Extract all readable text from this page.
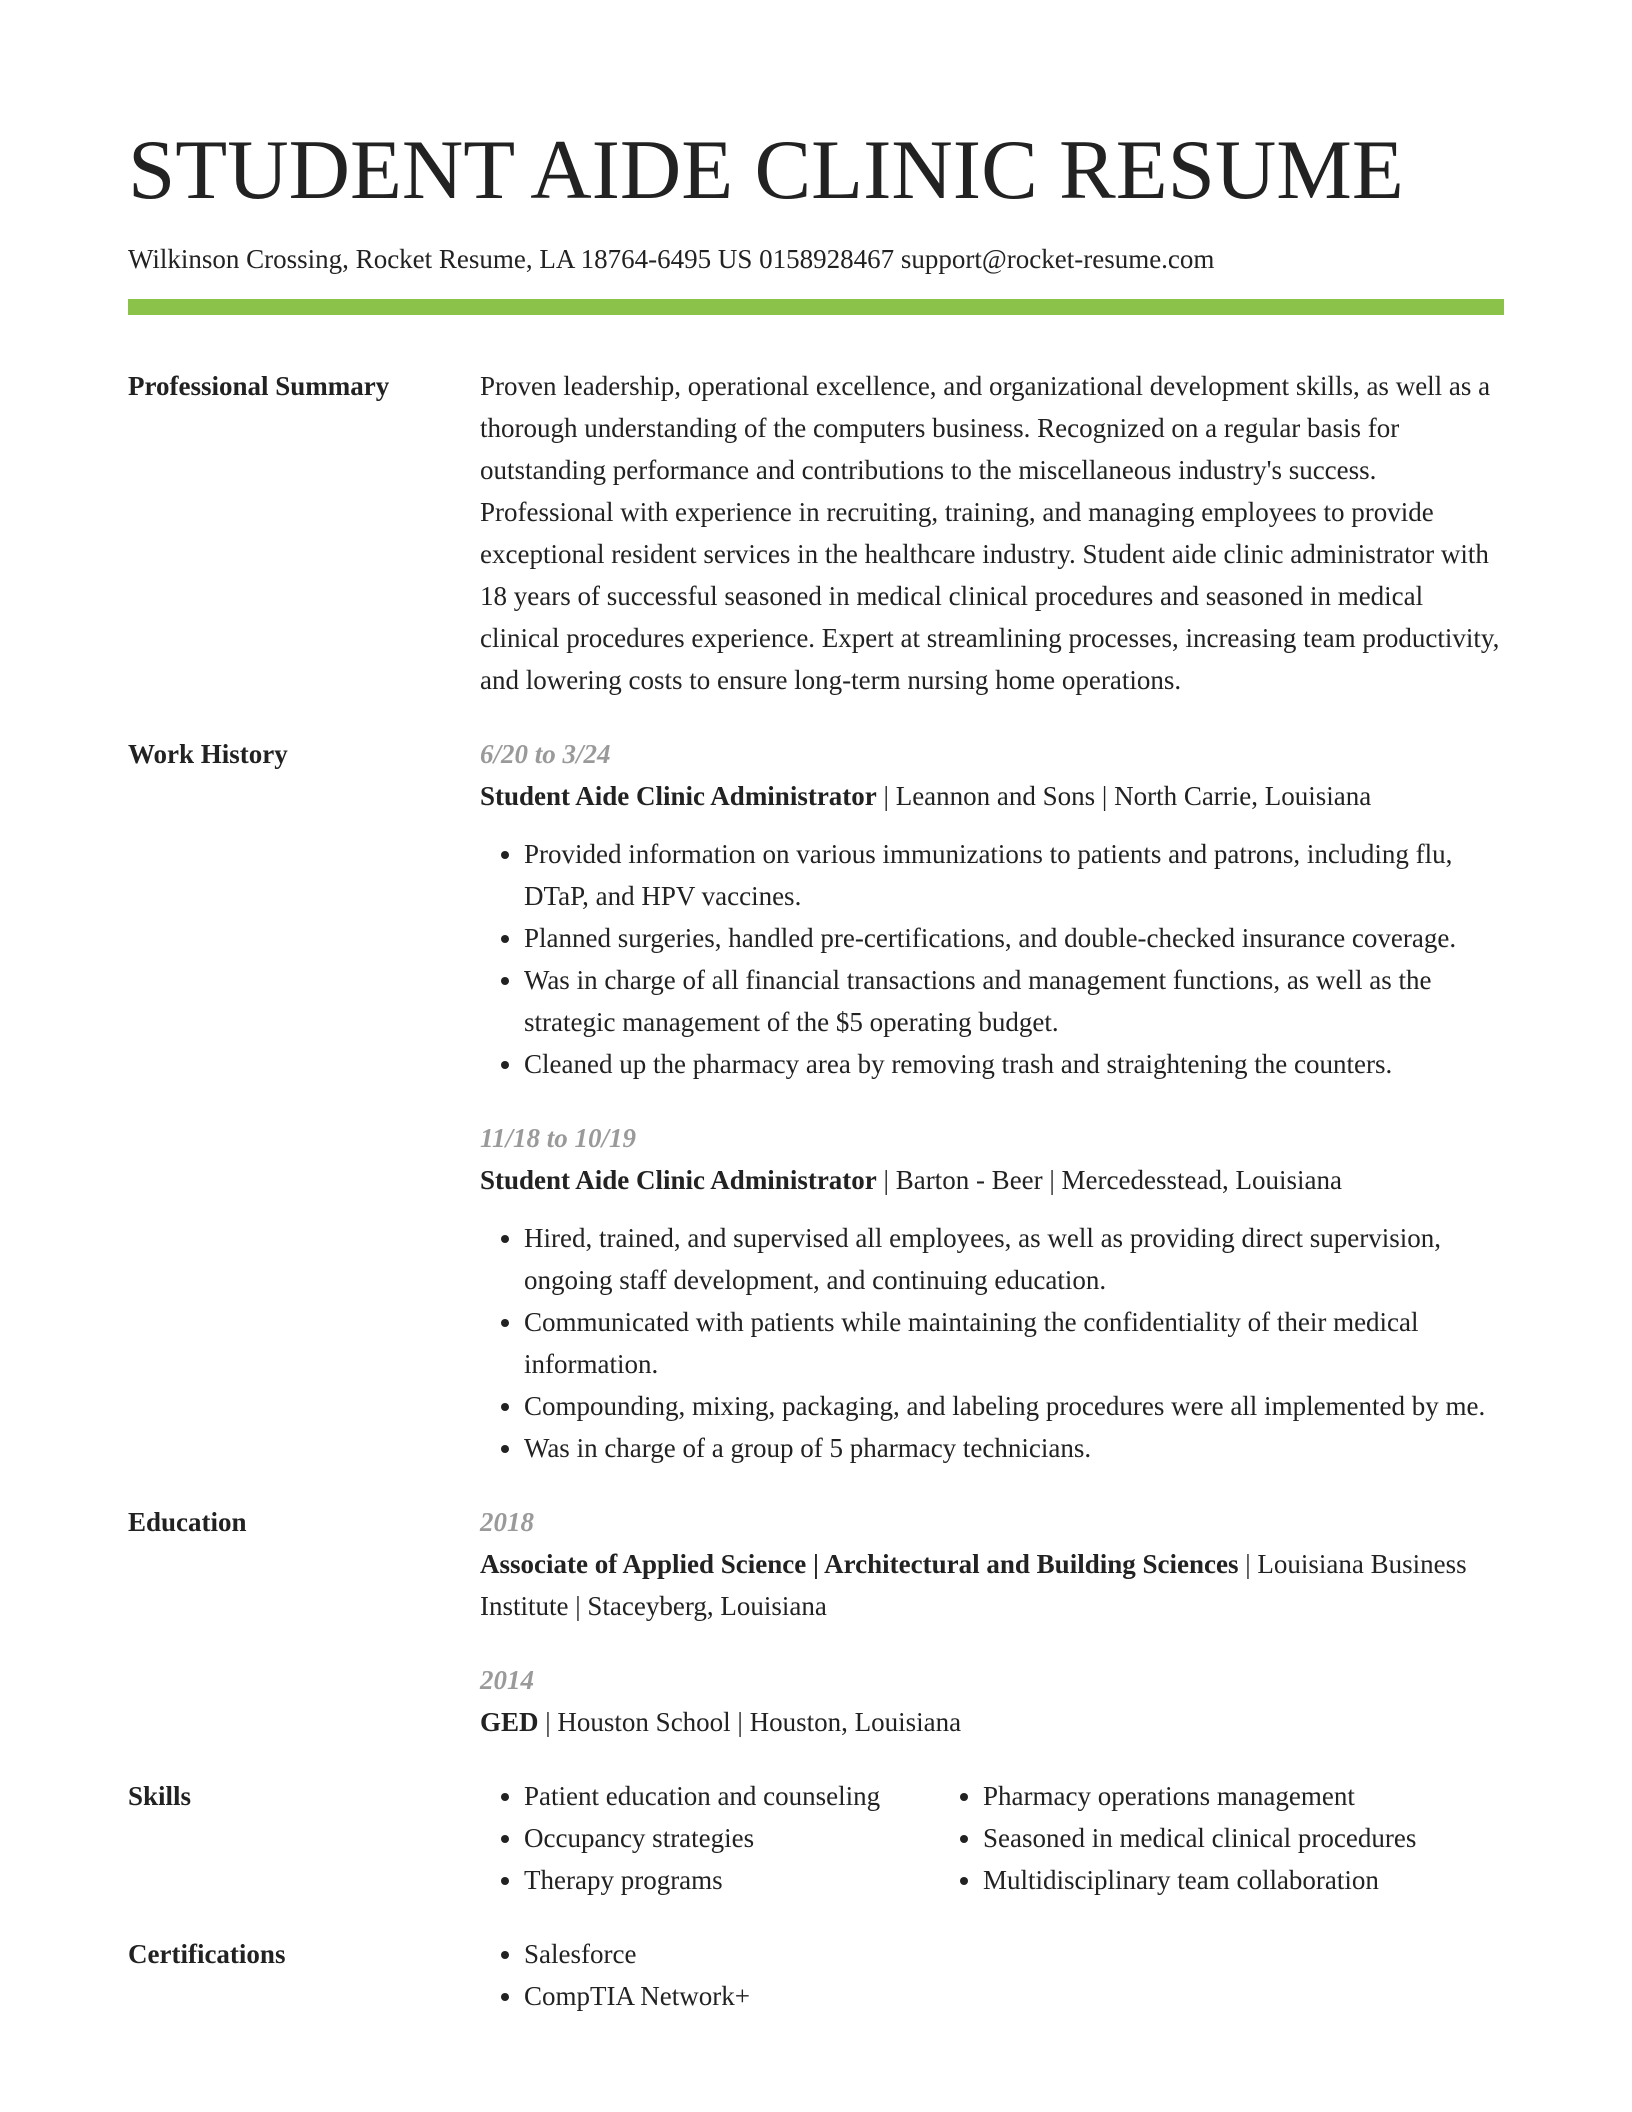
STUDENT AIDE CLINIC RESUME
Wilkinson Crossing, Rocket Resume, LA 18764-6495 US 0158928467 support@rocket-resume.com
Professional Summary	Proven leadership, operational excellence, and organizational development skills, as well as a thorough understanding of the computers business. Recognized on a regular basis for outstanding performance and contributions to the miscellaneous industry's success. Professional with experience in recruiting, training, and managing employees to provide exceptional resident services in the healthcare industry. Student aide clinic administrator with 18 years of successful seasoned in medical clinical procedures and seasoned in medical clinical procedures experience. Expert at streamlining processes, increasing team productivity, and lowering costs to ensure long-term nursing home operations.

Work History	6/20 to 3/24
Student Aide Clinic Administrator | Leannon and Sons | North Carrie, Louisiana
• Provided information on various immunizations to patients and patrons, including flu, DTaP, and HPV vaccines.
• Planned surgeries, handled pre-certifications, and double-checked insurance coverage.
• Was in charge of all financial transactions and management functions, as well as the strategic management of the $5 operating budget.
• Cleaned up the pharmacy area by removing trash and straightening the counters.
11/18 to 10/19
Student Aide Clinic Administrator | Barton - Beer | Mercedesstead, Louisiana
• Hired, trained, and supervised all employees, as well as providing direct supervision, ongoing staff development, and continuing education.
• Communicated with patients while maintaining the confidentiality of their medical information.
• Compounding, mixing, packaging, and labeling procedures were all implemented by me.
• Was in charge of a group of 5 pharmacy technicians.
Education	2018
Associate of Applied Science | Architectural and Building Sciences | Louisiana Business Institute | Staceyberg, Louisiana
2014
GED | Houston School | Houston, Louisiana
Skills	• Patient education and counseling
• Occupancy strategies
• Therapy programs
• Pharmacy operations management
• Seasoned in medical clinical procedures
• Multidisciplinary team collaboration
Certifications	• Salesforce
• CompTIA Network+
